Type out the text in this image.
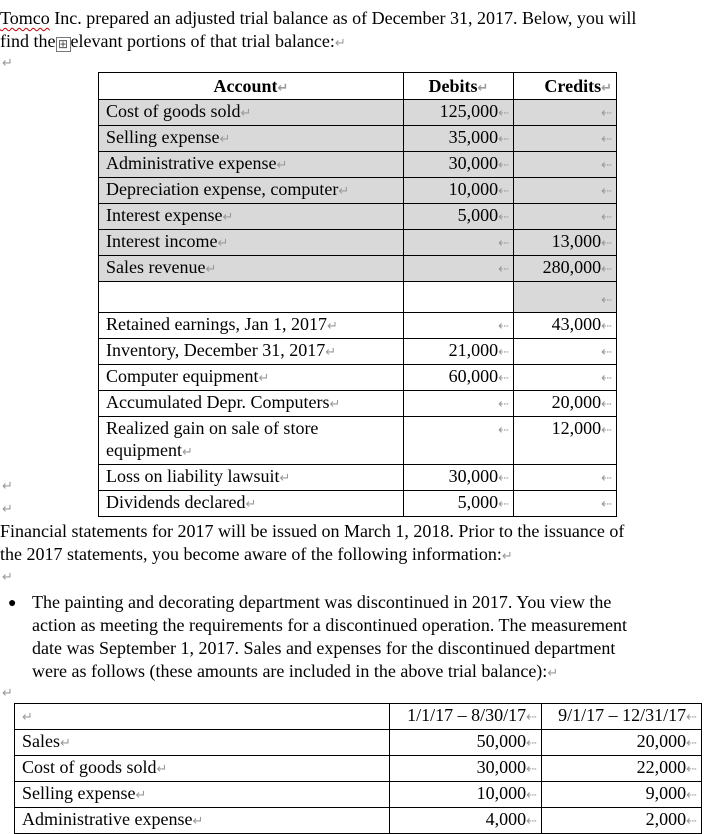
Tomco Inc. prepared an adjusted trial balance as of December 31, 2017. Below, you will
find the ⊞ elevant portions of that trial balance:↵
↵
Account↵	Debits↵	Credits↵
Cost of goods sold↵	125,000⇠	⇠
Selling expense↵	35,000⇠	⇠
Administrative expense↵	30,000⇠	⇠
Depreciation expense, computer↵	10,000⇠	⇠
Interest expense↵	5,000⇠	⇠
Interest income↵	⇠	13,000⇠
Sales revenue↵	⇠	280,000⇠
		⇠
Retained earnings, Jan 1, 2017↵	⇠	43,000⇠
Inventory, December 31, 2017↵	21,000⇠	⇠
Computer equipment↵	60,000⇠	⇠
Accumulated Depr. Computers↵	⇠	20,000⇠
Realized gain on sale of store equipment↵	⇠	12,000⇠
Loss on liability lawsuit↵	30,000⇠	⇠
Dividends declared↵	5,000⇠	⇠
↵
↵
Financial statements for 2017 will be issued on March 1, 2018. Prior to the issuance of
the 2017 statements, you become aware of the following information:↵
↵
● The painting and decorating department was discontinued in 2017. You view the
action as meeting the requirements for a discontinued operation. The measurement
date was September 1, 2017. Sales and expenses for the discontinued department
were as follows (these amounts are included in the above trial balance):↵
↵
↵	1/1/17 – 8/30/17⇠	9/1/17 – 12/31/17⇠
Sales↵	50,000⇠	20,000⇠
Cost of goods sold↵	30,000⇠	22,000⇠
Selling expense↵	10,000⇠	9,000⇠
Administrative expense↵	4,000⇠	2,000⇠
